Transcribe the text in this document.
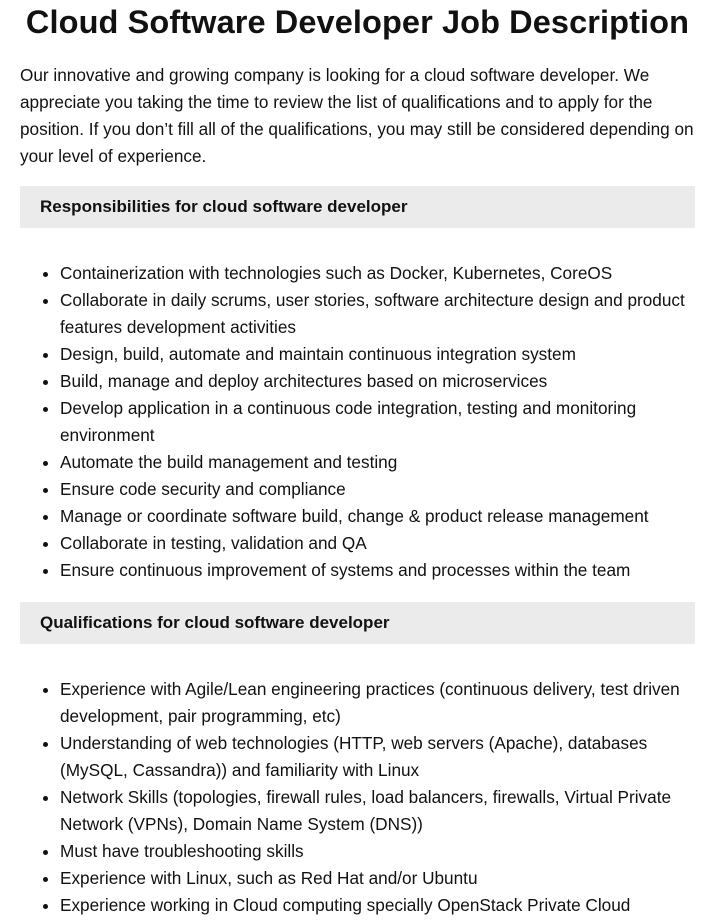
Cloud Software Developer Job Description

Our innovative and growing company is looking for a cloud software developer. We appreciate you taking the time to review the list of qualifications and to apply for the position. If you don’t fill all of the qualifications, you may still be considered depending on your level of experience.

Responsibilities for cloud software developer
• Containerization with technologies such as Docker, Kubernetes, CoreOS
• Collaborate in daily scrums, user stories, software architecture design and product features development activities
• Design, build, automate and maintain continuous integration system
• Build, manage and deploy architectures based on microservices
• Develop application in a continuous code integration, testing and monitoring environment
• Automate the build management and testing
• Ensure code security and compliance
• Manage or coordinate software build, change & product release management
• Collaborate in testing, validation and QA
• Ensure continuous improvement of systems and processes within the team
Qualifications for cloud software developer
• Experience with Agile/Lean engineering practices (continuous delivery, test driven development, pair programming, etc)
• Understanding of web technologies (HTTP, web servers (Apache), databases (MySQL, Cassandra)) and familiarity with Linux
• Network Skills (topologies, firewall rules, load balancers, firewalls, Virtual Private Network (VPNs), Domain Name System (DNS))
• Must have troubleshooting skills
• Experience with Linux, such as Red Hat and/or Ubuntu
• Experience working in Cloud computing specially OpenStack Private Cloud
